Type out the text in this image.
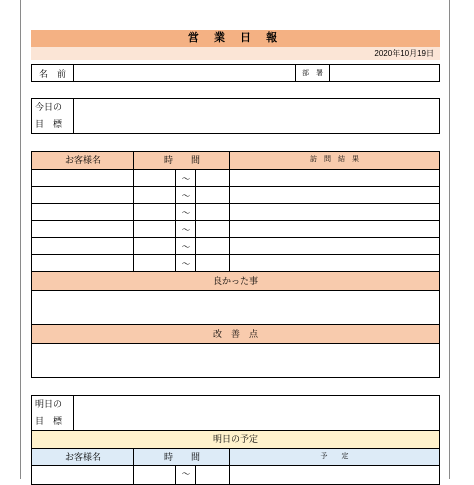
営 業 日 報
2020年10月19日
名　前	部　署
今日の
目　標
お客様名	時　　間	訪　問　結　果
～
～
～
～
～
～
良かった事
改　善　点
明日の
目　標
明日の予定
お客様名	時　　間	予　　定
～
